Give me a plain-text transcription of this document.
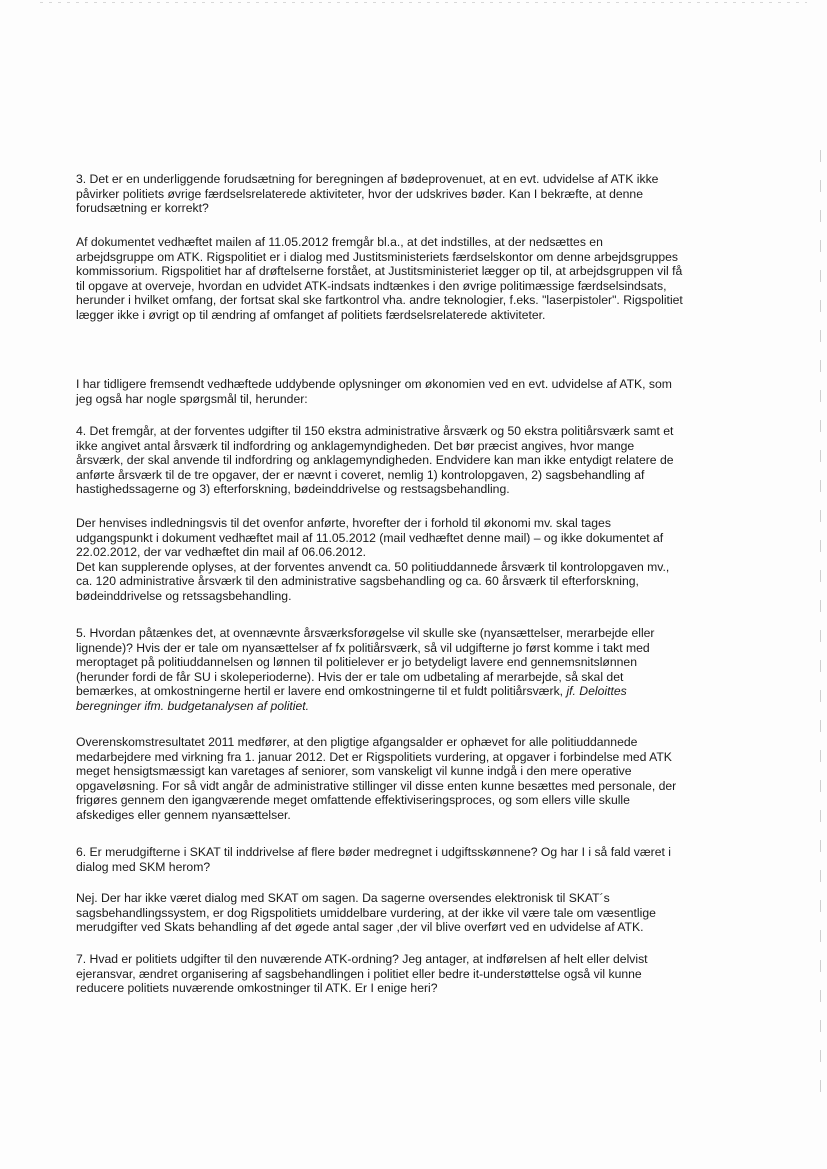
3. Det er en underliggende forudsætning for beregningen af bødeprovenuet, at en evt. udvidelse af ATK ikke
påvirker politiets øvrige færdselsrelaterede aktiviteter, hvor der udskrives bøder. Kan I bekræfte, at denne
forudsætning er korrekt?

Af dokumentet vedhæftet mailen af 11.05.2012 fremgår bl.a., at det indstilles, at der nedsættes en
arbejdsgruppe om ATK. Rigspolitiet er i dialog med Justitsministeriets færdselskontor om denne arbejdsgruppes
kommissorium. Rigspolitiet har af drøftelserne forstået, at Justitsministeriet lægger op til, at arbejdsgruppen vil få
til opgave at overveje, hvordan en udvidet ATK-indsats indtænkes i den øvrige politimæssige færdselsindsats,
herunder i hvilket omfang, der fortsat skal ske fartkontrol vha. andre teknologier, f.eks. "laserpistoler". Rigspolitiet
lægger ikke i øvrigt op til ændring af omfanget af politiets færdselsrelaterede aktiviteter.

I har tidligere fremsendt vedhæftede uddybende oplysninger om økonomien ved en evt. udvidelse af ATK, som
jeg også har nogle spørgsmål til, herunder:

4. Det fremgår, at der forventes udgifter til 150 ekstra administrative årsværk og 50 ekstra politiårsværk samt et
ikke angivet antal årsværk til indfordring og anklagemyndigheden. Det bør præcist angives, hvor mange
årsværk, der skal anvende til indfordring og anklagemyndigheden. Endvidere kan man ikke entydigt relatere de
anførte årsværk til de tre opgaver, der er nævnt i coveret, nemlig 1) kontrolopgaven, 2) sagsbehandling af
hastighedssagerne og 3) efterforskning, bødeinddrivelse og restsagsbehandling.

Der henvises indledningsvis til det ovenfor anførte, hvorefter der i forhold til økonomi mv. skal tages
udgangspunkt i dokument vedhæftet mail af 11.05.2012 (mail vedhæftet denne mail) – og ikke dokumentet af
22.02.2012, der var vedhæftet din mail af 06.06.2012.
Det kan supplerende oplyses, at der forventes anvendt ca. 50 politiuddannede årsværk til kontrolopgaven mv.,
ca. 120 administrative årsværk til den administrative sagsbehandling og ca. 60 årsværk til efterforskning,
bødeinddrivelse og retssagsbehandling.

5. Hvordan påtænkes det, at ovennævnte årsværksforøgelse vil skulle ske (nyansættelser, merarbejde eller
lignende)? Hvis der er tale om nyansættelser af fx politiårsværk, så vil udgifterne jo først komme i takt med
meroptaget på politiuddannelsen og lønnen til politielever er jo betydeligt lavere end gennemsnitslønnen
(herunder fordi de får SU i skoleperioderne). Hvis der er tale om udbetaling af merarbejde, så skal det
bemærkes, at omkostningerne hertil er lavere end omkostningerne til et fuldt politiårsværk, jf. Deloittes
beregninger ifm. budgetanalysen af politiet.

Overenskomstresultatet 2011 medfører, at den pligtige afgangsalder er ophævet for alle politiuddannede
medarbejdere med virkning fra 1. januar 2012. Det er Rigspolitiets vurdering, at opgaver i forbindelse med ATK
meget hensigtsmæssigt kan varetages af seniorer, som vanskeligt vil kunne indgå i den mere operative
opgaveløsning. For så vidt angår de administrative stillinger vil disse enten kunne besættes med personale, der
frigøres gennem den igangværende meget omfattende effektiviseringsproces, og som ellers ville skulle
afskediges eller gennem nyansættelser.

6. Er merudgifterne i SKAT til inddrivelse af flere bøder medregnet i udgiftsskønnene? Og har I i så fald været i
dialog med SKM herom?

Nej. Der har ikke været dialog med SKAT om sagen. Da sagerne oversendes elektronisk til SKAT´s
sagsbehandlingssystem, er dog Rigspolitiets umiddelbare vurdering, at der ikke vil være tale om væsentlige
merudgifter ved Skats behandling af det øgede antal sager ,der vil blive overført ved en udvidelse af ATK.

7. Hvad er politiets udgifter til den nuværende ATK-ordning? Jeg antager, at indførelsen af helt eller delvist
ejeransvar, ændret organisering af sagsbehandlingen i politiet eller bedre it-understøttelse også vil kunne
reducere politiets nuværende omkostninger til ATK. Er I enige heri?
